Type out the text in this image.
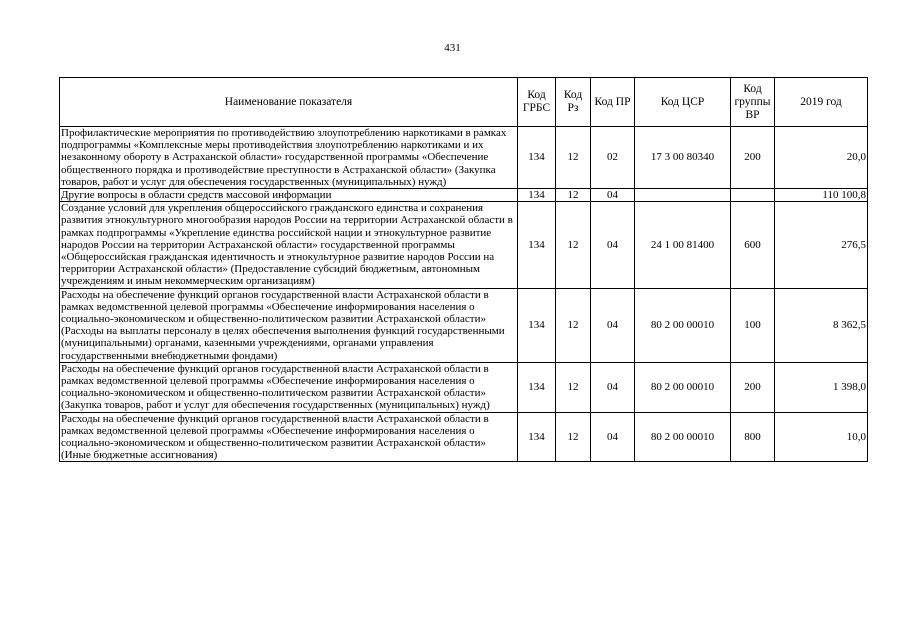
431
Наименование показателя	Код ГРБС	Код Рз	Код ПР	Код ЦСР	Код группы ВР	2019 год
Профилактические мероприятия по противодействию злоупотреблению наркотиками в рамках подпрограммы «Комплексные меры противодействия злоупотреблению наркотиками и их незаконному обороту в Астраханской области» государственной программы «Обеспечение общественного порядка и противодействие преступности в Астраханской области» (Закупка товаров, работ и услуг для обеспечения государственных (муниципальных) нужд)	134	12	02	17 3 00 80340	200	20,0
Другие вопросы в области средств массовой информации	134	12	04			110 100,8
Создание условий для укрепления общероссийского гражданского единства и сохранения развития этнокультурного многообразия народов России на территории Астраханской области в рамках подпрограммы «Укрепление единства российской нации и этнокультурное развитие народов России на территории Астраханской области» государственной программы «Общероссийская гражданская идентичность и этнокультурное развитие народов России на территории Астраханской области» (Предоставление субсидий бюджетным, автономным учреждениям и иным некоммерческим организациям)	134	12	04	24 1 00 81400	600	276,5
Расходы на обеспечение функций органов государственной власти Астраханской области в рамках ведомственной целевой программы «Обеспечение информирования населения о социально-экономическом и общественно-политическом развитии Астраханской области» (Расходы на выплаты персоналу в целях обеспечения выполнения функций государственными (муниципальными) органами, казенными учреждениями, органами управления государственными внебюджетными фондами)	134	12	04	80 2 00 00010	100	8 362,5
Расходы на обеспечение функций органов государственной власти Астраханской области в рамках ведомственной целевой программы «Обеспечение информирования населения о социально-экономическом и общественно-политическом развитии Астраханской области» (Закупка товаров, работ и услуг для обеспечения государственных (муниципальных) нужд)	134	12	04	80 2 00 00010	200	1 398,0
Расходы на обеспечение функций органов государственной власти Астраханской области в рамках ведомственной целевой программы «Обеспечение информирования населения о социально-экономическом и общественно-политическом развитии Астраханской области» (Иные бюджетные ассигнования)	134	12	04	80 2 00 00010	800	10,0
